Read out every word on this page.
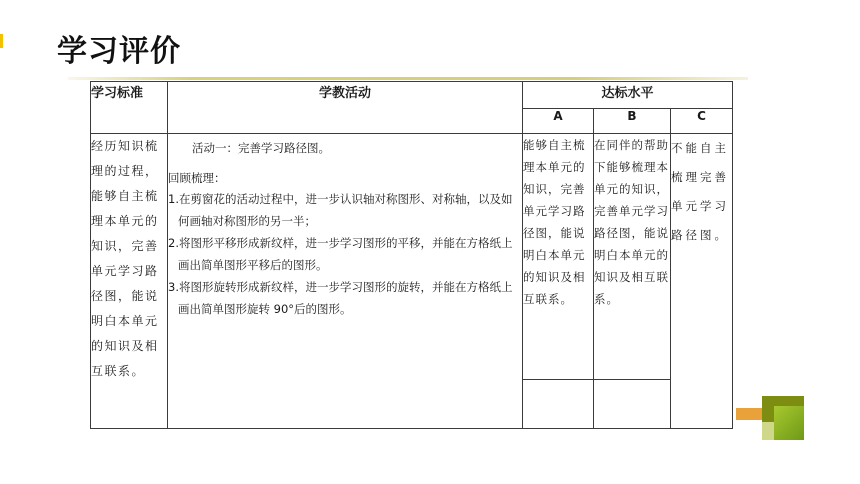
学习评价
学习标准	学教活动	达标水平		
		A	B	C
经历知识梳理的过程，能够自主梳理本单元的知识，完善单元学习路径图，能说明白本单元的知识及相互联系。	活动一：完善学习路径图。
回顾梳理：
1.在剪窗花的活动过程中，进一步认识轴对称图形、对称轴，以及如何画轴对称图形的另一半；
2.将图形平移形成新纹样，进一步学习图形的平移，并能在方格纸上画出简单图形平移后的图形。
3.将图形旋转形成新纹样，进一步学习图形的旋转，并能在方格纸上画出简单图形旋转 90°后的图形。	能够自主梳理本单元的知识，完善单元学习路径图，能说明白本单元的知识及相互联系。	在同伴的帮助下能够梳理本单元的知识，完善单元学习路径图，能说明白本单元的知识及相互联系。	不能自主梳理完善单元学习路径图。
